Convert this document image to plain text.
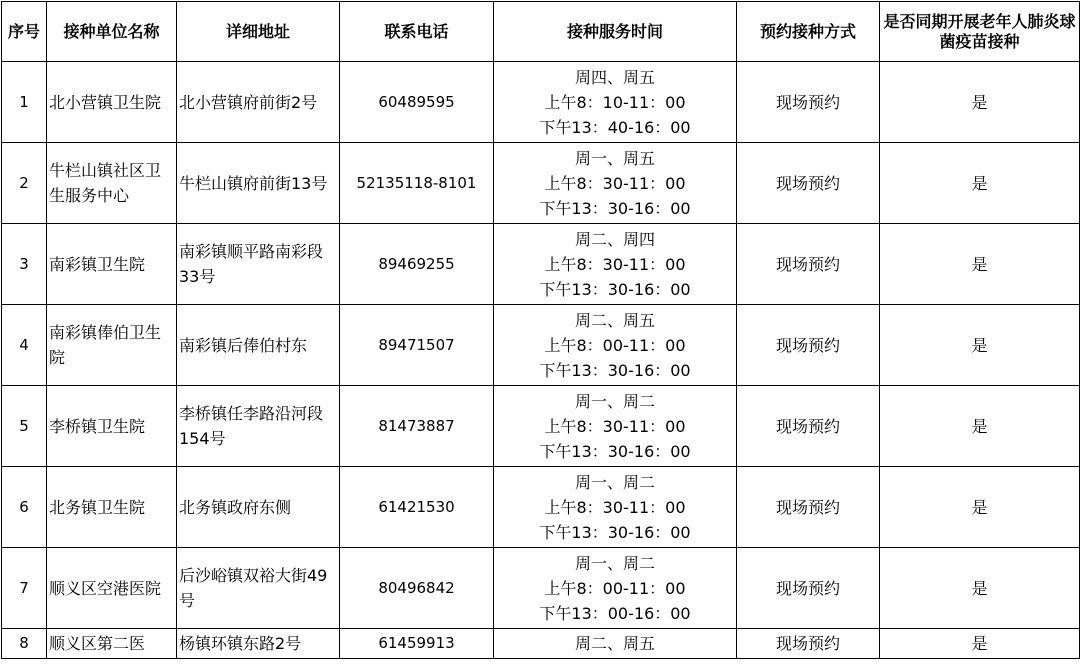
序号	接种单位名称	详细地址	联系电话	接种服务时间	预约接种方式	是否同期开展老年人肺炎球菌疫苗接种
1	北小营镇卫生院	北小营镇府前街2号	60489595	周四、周五
上午8：10-11：00
下午13：40-16：00	现场预约	是
2	牛栏山镇社区卫生服务中心	牛栏山镇府前街13号	52135118-8101	周一、周五
上午8：30-11：00
下午13：30-16：00	现场预约	是
3	南彩镇卫生院	南彩镇顺平路南彩段33号	89469255	周二、周四
上午8：30-11：00
下午13：30-16：00	现场预约	是
4	南彩镇俸伯卫生院	南彩镇后俸伯村东	89471507	周二、周五
上午8：00-11：00
下午13：30-16：00	现场预约	是
5	李桥镇卫生院	李桥镇任李路沿河段154号	81473887	周一、周二
上午8：30-11：00
下午13：30-16：00	现场预约	是
6	北务镇卫生院	北务镇政府东侧	61421530	周一、周二
上午8：30-11：00
下午13：30-16：00	现场预约	是
7	顺义区空港医院	后沙峪镇双裕大街49号	80496842	周一、周二
上午8：00-11：00
下午13：00-16：00	现场预约	是
8	顺义区第二医	杨镇环镇东路2号	61459913	周二、周五	现场预约	是
